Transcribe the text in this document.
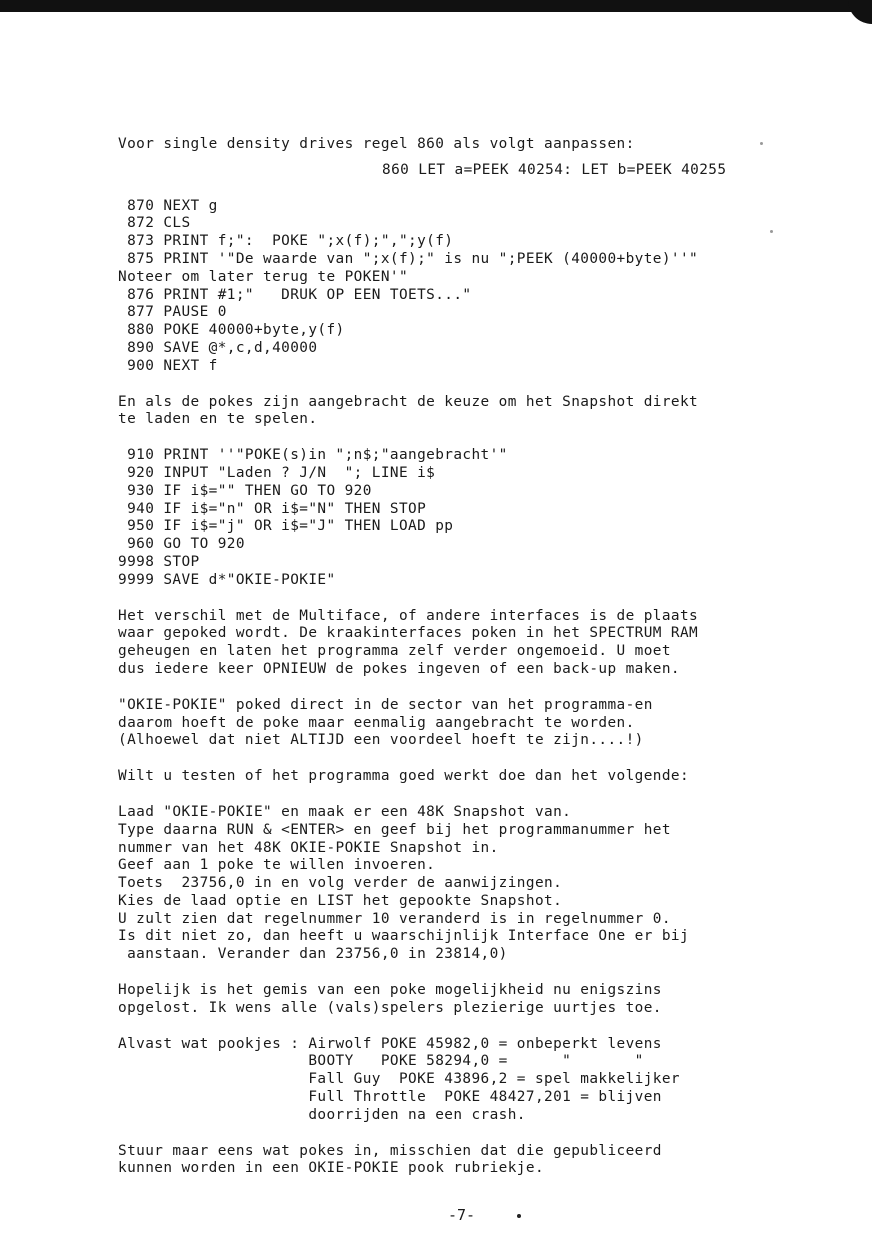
Voor single density drives regel 860 als volgt aanpassen:

860 LET a=PEEK 40254: LET b=PEEK 40255

870 NEXT g

872 CLS

873 PRINT f;":  POKE ";x(f);",";y(f)

875 PRINT '"De waarde van ";x(f);" is nu ";PEEK (40000+byte)''"

Noteer om later terug te POKEN'"

876 PRINT #1;"   DRUK OP EEN TOETS..."

877 PAUSE 0

880 POKE 40000+byte,y(f)

890 SAVE @*,c,d,40000

900 NEXT f

En als de pokes zijn aangebracht de keuze om het Snapshot direkt

te laden en te spelen.

910 PRINT ''"POKE(s)in ";n$;"aangebracht'"

920 INPUT "Laden ? J/N  "; LINE i$

930 IF i$="" THEN GO TO 920

940 IF i$="n" OR i$="N" THEN STOP

950 IF i$="j" OR i$="J" THEN LOAD pp

960 GO TO 920

9998 STOP

9999 SAVE d*"OKIE-POKIE"

Het verschil met de Multiface, of andere interfaces is de plaats

waar gepoked wordt. De kraakinterfaces poken in het SPECTRUM RAM

geheugen en laten het programma zelf verder ongemoeid. U moet

dus iedere keer OPNIEUW de pokes ingeven of een back-up maken.

"OKIE-POKIE" poked direct in de sector van het programma-en

daarom hoeft de poke maar eenmalig aangebracht te worden.

(Alhoewel dat niet ALTIJD een voordeel hoeft te zijn....!)

Wilt u testen of het programma goed werkt doe dan het volgende:

Laad "OKIE-POKIE" en maak er een 48K Snapshot van.

Type daarna RUN & <ENTER> en geef bij het programmanummer het

nummer van het 48K OKIE-POKIE Snapshot in.

Geef aan 1 poke te willen invoeren.

Toets  23756,0 in en volg verder de aanwijzingen.

Kies de laad optie en LIST het gepookte Snapshot.

U zult zien dat regelnummer 10 veranderd is in regelnummer 0.

Is dit niet zo, dan heeft u waarschijnlijk Interface One er bij

aanstaan. Verander dan 23756,0 in 23814,0)

Hopelijk is het gemis van een poke mogelijkheid nu enigszins

opgelost. Ik wens alle (vals)spelers plezierige uurtjes toe.

Alvast wat pookjes : Airwolf POKE 45982,0 = onbeperkt levens

BOOTY   POKE 58294,0 =      "       "

Fall Guy  POKE 43896,2 = spel makkelijker

Full Throttle  POKE 48427,201 = blijven

doorrijden na een crash.

Stuur maar eens wat pokes in, misschien dat die gepubliceerd

kunnen worden in een OKIE-POKIE pook rubriekje.

-7-
